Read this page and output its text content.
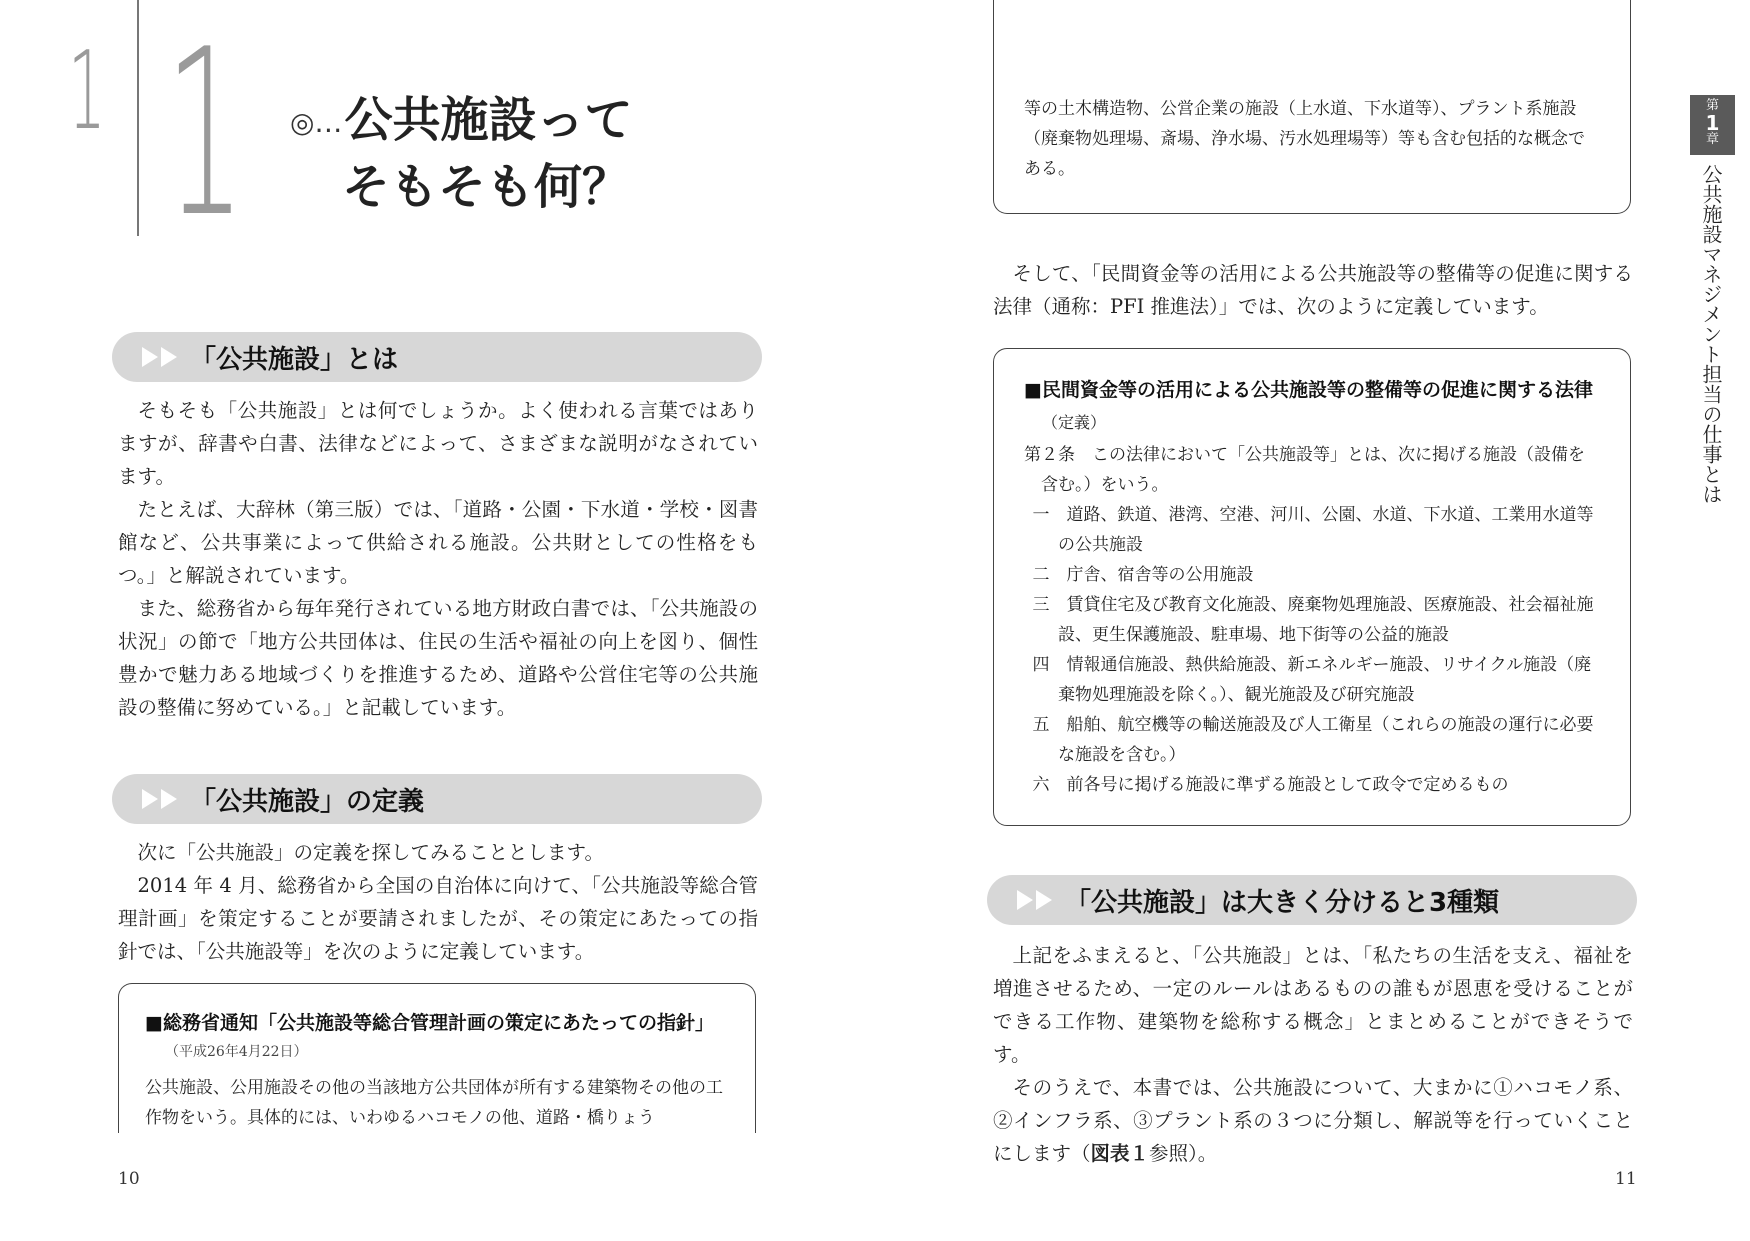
1 1 ◎…公共施設って
そもそも何？
「公共施設」とは

そもそも「公共施設」とは何でしょうか。よく使われる言葉ではありますが、辞書や白書、法律などによって、さまざまな説明がなされています。

たとえば、大辞林（第三版）では、「道路・公園・下水道・学校・図書館など、公共事業によって供給される施設。公共財としての性格をもつ。」と解説されています。

また、総務省から毎年発行されている地方財政白書では、「公共施設の状況」の節で「地方公共団体は、住民の生活や福祉の向上を図り、個性豊かで魅力ある地域づくりを推進するため、道路や公営住宅等の公共施設の整備に努めている。」と記載しています。

「公共施設」の定義

次に「公共施設」の定義を探してみることとします。

2014 年 4 月、総務省から全国の自治体に向けて、「公共施設等総合管理計画」を策定することが要請されましたが、その策定にあたっての指針では、「公共施設等」を次のように定義しています。

■総務省通知「公共施設等総合管理計画の策定にあたっての指針」
（平成26年4月22日）
公共施設、公用施設その他の当該地方公共団体が所有する建築物その他の工作物をいう。具体的には、いわゆるハコモノの他、道路・橋りょう
10
等の土木構造物、公営企業の施設（上水道、下水道等）、プラント系施設（廃棄物処理場、斎場、浄水場、汚水処理場等）等も含む包括的な概念である。

そして、「民間資金等の活用による公共施設等の整備等の促進に関する法律（通称：PFI 推進法）」では、次のように定義しています。

■民間資金等の活用による公共施設等の整備等の促進に関する法律
（定義）
第２条　この法律において「公共施設等」とは、次に掲げる施設（設備を含む。）をいう。
一　道路、鉄道、港湾、空港、河川、公園、水道、下水道、工業用水道等の公共施設
二　庁舎、宿舎等の公用施設
三　賃貸住宅及び教育文化施設、廃棄物処理施設、医療施設、社会福祉施設、更生保護施設、駐車場、地下街等の公益的施設
四　情報通信施設、熱供給施設、新エネルギー施設、リサイクル施設（廃棄物処理施設を除く。）、観光施設及び研究施設
五　船舶、航空機等の輸送施設及び人工衛星（これらの施設の運行に必要な施設を含む。）
六　前各号に掲げる施設に準ずる施設として政令で定めるもの
「公共施設」は大きく分けると3種類

上記をふまえると、「公共施設」とは、「私たちの生活を支え、福祉を増進させるため、一定のルールはあるものの誰もが恩恵を受けることができる工作物、建築物を総称する概念」とまとめることができそうです。

そのうえで、本書では、公共施設について、大まかに①ハコモノ系、②インフラ系、③プラント系の３つに分類し、解説等を行っていくことにします（図表１参照）。

11
第
1
章
公共施設マネジメント担当の仕事とは
